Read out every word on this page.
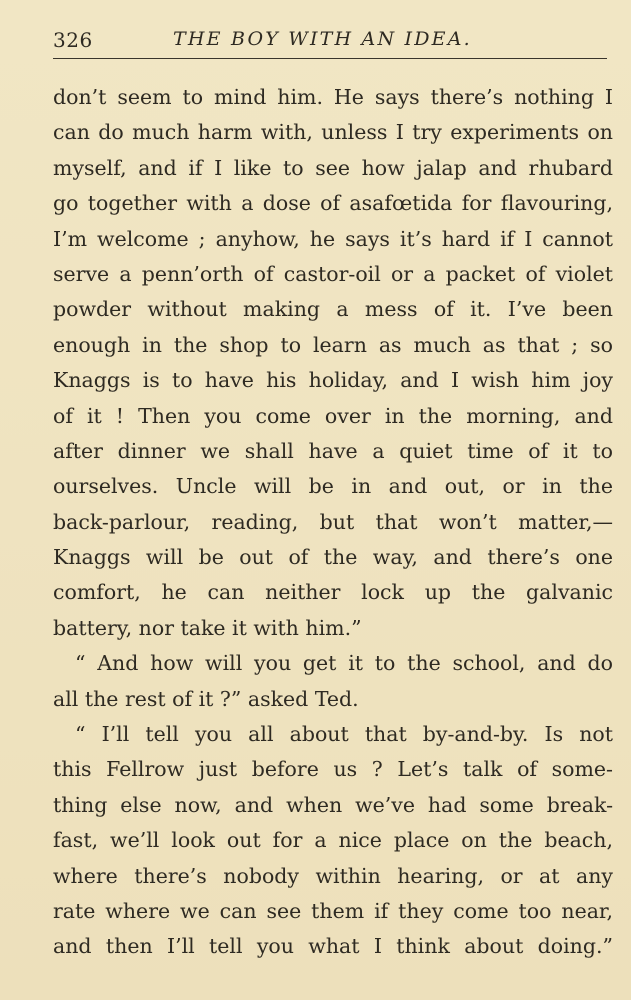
326	THE BOY WITH AN IDEA.
don’t seem to mind him. He says there’s nothing I
can do much harm with, unless I try experiments on
myself, and if I like to see how jalap and rhubard
go together with a dose of asafœtida for flavouring,
I’m welcome ; anyhow, he says it’s hard if I cannot
serve a penn’orth of castor-oil or a packet of violet
powder without making a mess of it. I’ve been
enough in the shop to learn as much as that ; so
Knaggs is to have his holiday, and I wish him joy
of it ! Then you come over in the morning, and
after dinner we shall have a quiet time of it to
ourselves. Uncle will be in and out, or in the
back-parlour, reading, but that won’t matter,—
Knaggs will be out of the way, and there’s one
comfort, he can neither lock up the galvanic
battery, nor take it with him.”
“ And how will you get it to the school, and do
all the rest of it ?” asked Ted.
“ I’ll tell you all about that by-and-by. Is not
this Fellrow just before us ? Let’s talk of some-
thing else now, and when we’ve had some break-
fast, we’ll look out for a nice place on the beach,
where there’s nobody within hearing, or at any
rate where we can see them if they come too near,
and then I’ll tell you what I think about doing.”
